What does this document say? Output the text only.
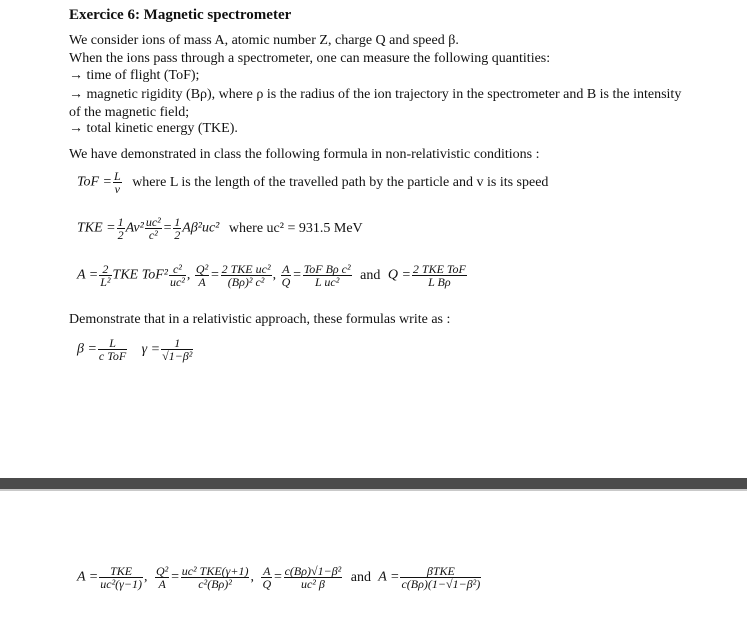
Exercice 6: Magnetic spectrometer
We consider ions of mass A, atomic number Z, charge Q and speed β.
When the ions pass through a spectrometer, one can measure the following quantities:
→ time of flight (ToF);
→ magnetic rigidity (Bρ), where ρ is the radius of the ion trajectory in the spectrometer and B is the intensity of the magnetic field;
→ total kinetic energy (TKE).
We have demonstrated in class the following formula in non-relativistic conditions :
ToF = $\frac{L}{v}$ where L is the length of the travelled path by the particle and v is its speed
TKE = $\frac{1}{2} Av^2 \frac{\text{uc²}}{\text{c²}} = \frac{1}{2} A\beta^2uc^2$ where uc² = 931.5 MeV
$A = \frac{2}{\text{L²}}$ TKE $ToF^2 \frac{\text{c²}}{\text{uc²}}$ , $\frac{\text{Q²}}{A} = \frac{\text{2 TKE uc²}}{\text{(Bρ)² c²}}$ , $\frac{A}{Q} = \frac{\text{ToF Bρ c²}}{\text{L uc²}}$ and $Q = \frac{\text{2 TKE ToF}}{\text{L Bρ}}$
Demonstrate that in a relativistic approach, these formulas write as :
$\beta = \frac{L}{\text{c ToF}}$ $\gamma = \frac{1}{\text{√1−β²}}$
$A = \frac{\text{TKE}}{\text{uc²(γ−1)}}$ , $\frac{\text{Q²}}{A} = \frac{\text{uc² TKE(γ+1)}}{\text{c²(Bρ)²}}$ , $\frac{A}{Q} = \frac{\text{c(Bρ)√1−β²}}{\text{uc² β}}$ and $A = \frac{\text{βTKE}}{\text{c(Bρ)(1−√1−β²)}}$
